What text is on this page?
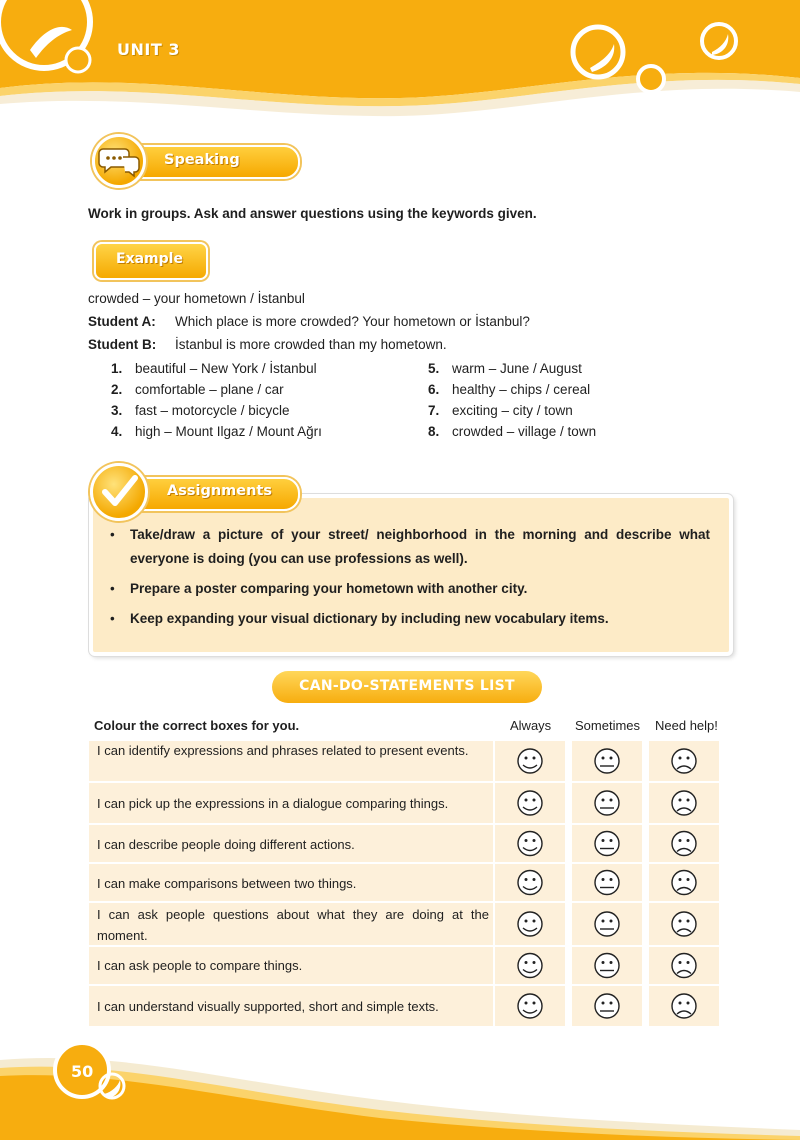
UNIT 3
Speaking
Work in groups. Ask and answer questions using the keywords given.
Example
crowded – your hometown / İstanbul
Student A: Which place is more crowded? Your hometown or İstanbul?
Student B: İstanbul is more crowded than my hometown.
1. beautiful – New York / İstanbul
2. comfortable – plane / car
3. fast – motorcycle / bicycle
4. high – Mount Ilgaz / Mount Ağrı
5. warm – June / August
6. healthy – chips / cereal
7. exciting – city / town
8. crowded – village / town
Assignments
• Take/draw a picture of your street/ neighborhood in the morning and describe what everyone is doing (you can use professions as well).
• Prepare a poster comparing your hometown with another city.
• Keep expanding your visual dictionary by including new vocabulary items.
CAN-DO-STATEMENTS LIST
Colour the correct boxes for you.	Always Sometimes Need help!
I can identify expressions and phrases related to present events.
I can pick up the expressions in a dialogue comparing things.
I can describe people doing different actions.
I can make comparisons between two things.
I can ask people questions about what they are doing at the moment.
I can ask people to compare things.
I can understand visually supported, short and simple texts.
50
